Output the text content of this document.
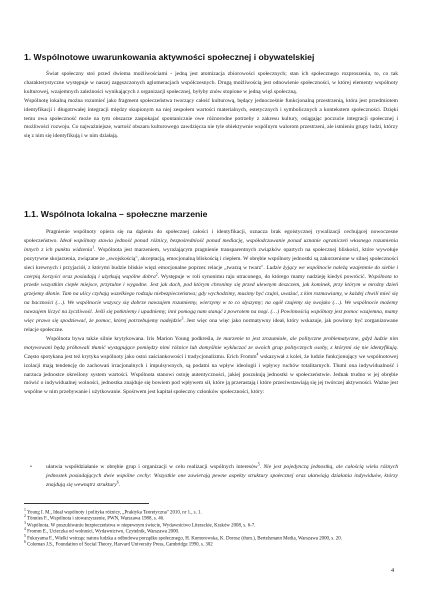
1. Wspólnotowe uwarunkowania aktywności społecznej i obywatelskiej

Świat społeczny stoi przed dwiema możliwościami - jedną jest atomizacja zbiorowości społecznych; stan ich społecznego rozproszenia, to, co tak charakterystyczne występuje w naszej zagęszczonych aglomeracjach współczesnych. Drugą możliwością jest odnowienie społeczności, w której elementy wspólnoty kulturowej, wzajemnych zależności wynikających z organizacji społecznej, byłyby znów stopione w jedną więź społeczną.
Wspólnotę lokalną można rozumieć jako fragment społeczeństwa tworzący całość kulturową, będący jednocześnie funkcjonalną przestrzenią, która jest przedmiotem identyfikacji i długotrwałej integracji między skupionym na niej zespołem wartości materialnych, estetycznych i symbolicznych a kontekstem społeczności. Dzięki temu owa społeczność może na tym obszarze zaspokajać spontanicznie owe różnorodne potrzeby z zakresu kultury, osiągając poczucie integracji społecznej i możliwości rozwoju. Co najważniejsze, wartość obszaru kulturowego zawdzięcza nie tyle obiektywnie wspólnym walorom przestrzeni, ale istnieniu grupy ludzi, którzy się z nim się identyfikują i w nim działają.

1.1. Wspólnota lokalna – społeczne marzenie

Pragnienie wspólnoty opiera się na dążeniu do społecznej całości i identyfikacji, oznacza brak egoistycznej rywalizacji cechującej nowoczesne społeczeństwo. Ideał wspólnoty stawia jedność ponad różnicy, bezpośredniość ponad mediację, współodczuwanie ponad uznanie ograniczeń własnego rozumienia innych z ich punktu widzenia$^1$. Wspólnota jest marzeniem, wyrażającym pragnienie transparentnych związków opartych na społecznej bliskości, które wywołuje pozytywne skojarzenia, związane ze „swojskością", akceptacją, emocjonalną bliskością i ciepłem. W obrębie wspólnoty jednostki są zakorzenione w silnej społeczności sieci krewnych i przyjaciół, z którymi budzie bliskie więzi emocjonalne poprzez relacje „twarzą w twarz". Ludzie żyjący we wspólnocie należą wzajemnie do siebie i czerpią korzyści oraz posiadają i użytkują wspólne dobra$^2$. Występuje w roli synonimu raju utraconego, do którego mamy nadzieję kiedyś powrócić. Wspólnota to przede wszystkim ciepłe miejsce, przytulne i wygodne. Jest jak dach, pod którym chronimy się przed ulewnym deszczem, jak kominek, przy którym w mroźny dzień grzejemy dłonie. Tam na ulicy czyhają wszelkiego rodzaju niebezpieczeństwa; gdy wychodzimy, musimy być czujni, uważać, z kim rozmawiamy, w każdej chwili mieć się na baczności (…). We wspólnocie wszyscy się dobrze nawzajem rozumiemy, wierzymy w to co słyszymy; na ogół czujemy się swojsko (…). We wspólnocie możemy nawzajem liczyć na życzliwość. Jeśli się potkniemy i upadniemy, inni pomogą nam stanąć z powrotem na nogi. (…) Powinnością wspólnoty jest pomoc wzajemna, mamy więc prawo się spodziewać, że pomoc, której potrzebujemy nadejdzie$^3$. Jest więc ona więc jako normatywny ideał, który wskazuje, jak powinny być zorganizowane relacje społeczne.
Wspólnota bywa także silnie krytykowana. Iris Marion Young podkreśla, że marzenie to jest zrozumiałe, ale polityczne problematyczne, gdyż ludzie nim motywowani będą próbowali tłumić wystąpujące pomiędzy nimi różnice lub domyślnie wykluczać ze swoich grup politycznych osoby, z którymi się nie identyfikują. Często spotykana jest też krytyka wspólnoty jako ostoi zaściankowości i tradycjonalizmu. Erich Fromm$^4$ wskazywał z kolei, że ludzie funkcjonujący we wspólnotowej izolacji mają tendencję do zachowań irracjonalnych i impulsywnych, są podatni na wpływ ideologii i wpływy ruchów totalitarnych. Tłumi ona indywidualność i narzuca jednostce określony system wartości. Wspólnota stanowi ostoję autentyczności, jakiej poszukują jednostki w społeczeństwie. Jednak trudno w jej obrębie mówić o indywidualnej wolności, jednostka znajduje się bowiem pod wpływem sił, które ją przerastają i które przeciwstawiają się jej twórczej aktywności. Ważne jest wspólne w nim przebywanie i użytkowanie. Spośrwem jest kapitał społeczny członków społeczności, który:

•	ułatwia współdziałanie w obrębie grup i organizacji w celu realizacji wspólnych interesów$^5$. Nie jest pojedynczą jednostką, ale całością wielu różnych jednostek posiadających dwie wspólne cechy: Wszystkie one zawierają pewne aspekty struktury społecznej oraz ułatwiają działania indywiduów, którzy znajdują się wewnątrz struktury$^6$.
$^1$ Young I. M., Ideał wspólnoty i polityka różnicy, „Praktyka Teoretyczna" 2010, nr 1., s. 1.
$^2$ Tönnies F., Wspólnota i stowarzyszenie, PWN, Warszawa 1988, s. 46.
$^3$ Wspólnota. W poszukiwaniu bezpieczeństwa w niepewnym świecie, Wydawnictwo Literackie, Kraków 2008, s. 6-7.
$^4$ Fromm E., Ucieczka od wolności, Wydawnictwo, Czytelnik, Warszawa 2000.
$^5$ Fukuyama F., Wielki wstrząs: natura ludzka a odbudowa porządku społecznego, H. Komorowska, K. Dorosz (tłum.), Bertelsmann Media, Warszawa 2000, s. 20.
$^6$ Coleman J.S., Foundation of Social Theory, Harvard University Press, Cambridge 1990, s. 302
4
